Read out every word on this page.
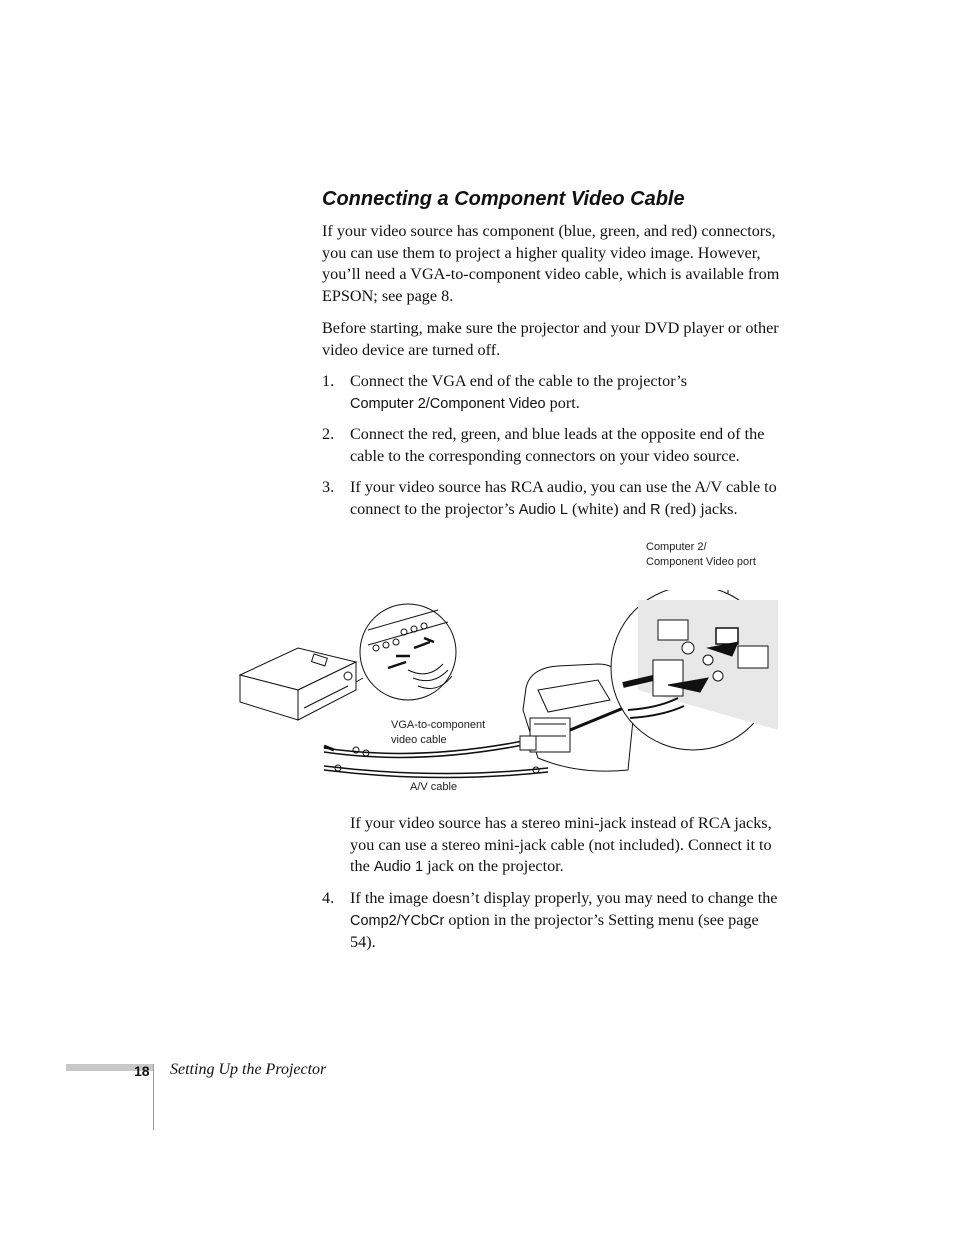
Connecting a Component Video Cable

If your video source has component (blue, green, and red) connectors, you can use them to project a higher quality video image. However, you’ll need a VGA-to-component video cable, which is available from EPSON; see page 8.

Before starting, make sure the projector and your DVD player or other video device are turned off.

1. Connect the VGA end of the cable to the projector’s
Computer 2/Component Video port.
2. Connect the red, green, and blue leads at the opposite end of the cable to the corresponding connectors on your video source.
3. If your video source has RCA audio, you can use the A/V cable to connect to the projector’s Audio L (white) and R (red) jacks.
Computer 2/
Component Video port
VGA-to-component
video cable
A/V cable

If your video source has a stereo mini-jack instead of RCA jacks, you can use a stereo mini-jack cable (not included). Connect it to the Audio 1 jack on the projector.

4. If the image doesn’t display properly, you may need to change the Comp2/YCbCr option in the projector’s Setting menu (see page 54).
18 Setting Up the Projector
